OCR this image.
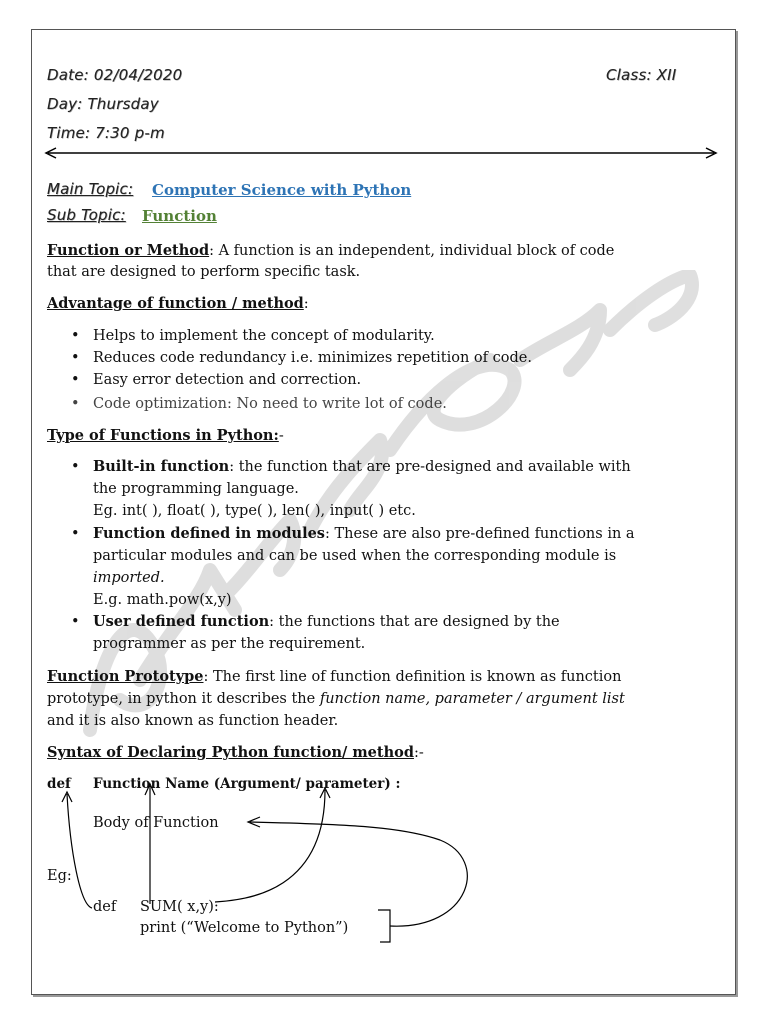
Date: 02/04/2020	Class: XII
Day: Thursday
Time: 7:30 p-m
Main Topic: Computer Science with Python
Sub Topic: Function
Function or Method: A function is an independent, individual block of code
that are designed to perform specific task.
Advantage of function / method:
• Helps to implement the concept of modularity.
• Reduces code redundancy i.e. minimizes repetition of code.
• Easy error detection and correction.
• Code optimization: No need to write lot of code.
Type of Functions in Python:-
• Built-in function: the function that are pre-designed and available with
the programming language.
Eg. int( ), float( ), type( ), len( ), input( ) etc.
• Function defined in modules: These are also pre-defined functions in a
particular modules and can be used when the corresponding module is
imported.
E.g. math.pow(x,y)
• User defined function: the functions that are designed by the
programmer as per the requirement.
Function Prototype: The first line of function definition is known as function
prototype, in python it describes the function name, parameter / argument list
and it is also known as function header.
Syntax of Declaring Python function/ method:-
def Function Name (Argument/ parameter) :
Body of Function
Eg:
def SUM( x,y):
print (“Welcome to Python”)
